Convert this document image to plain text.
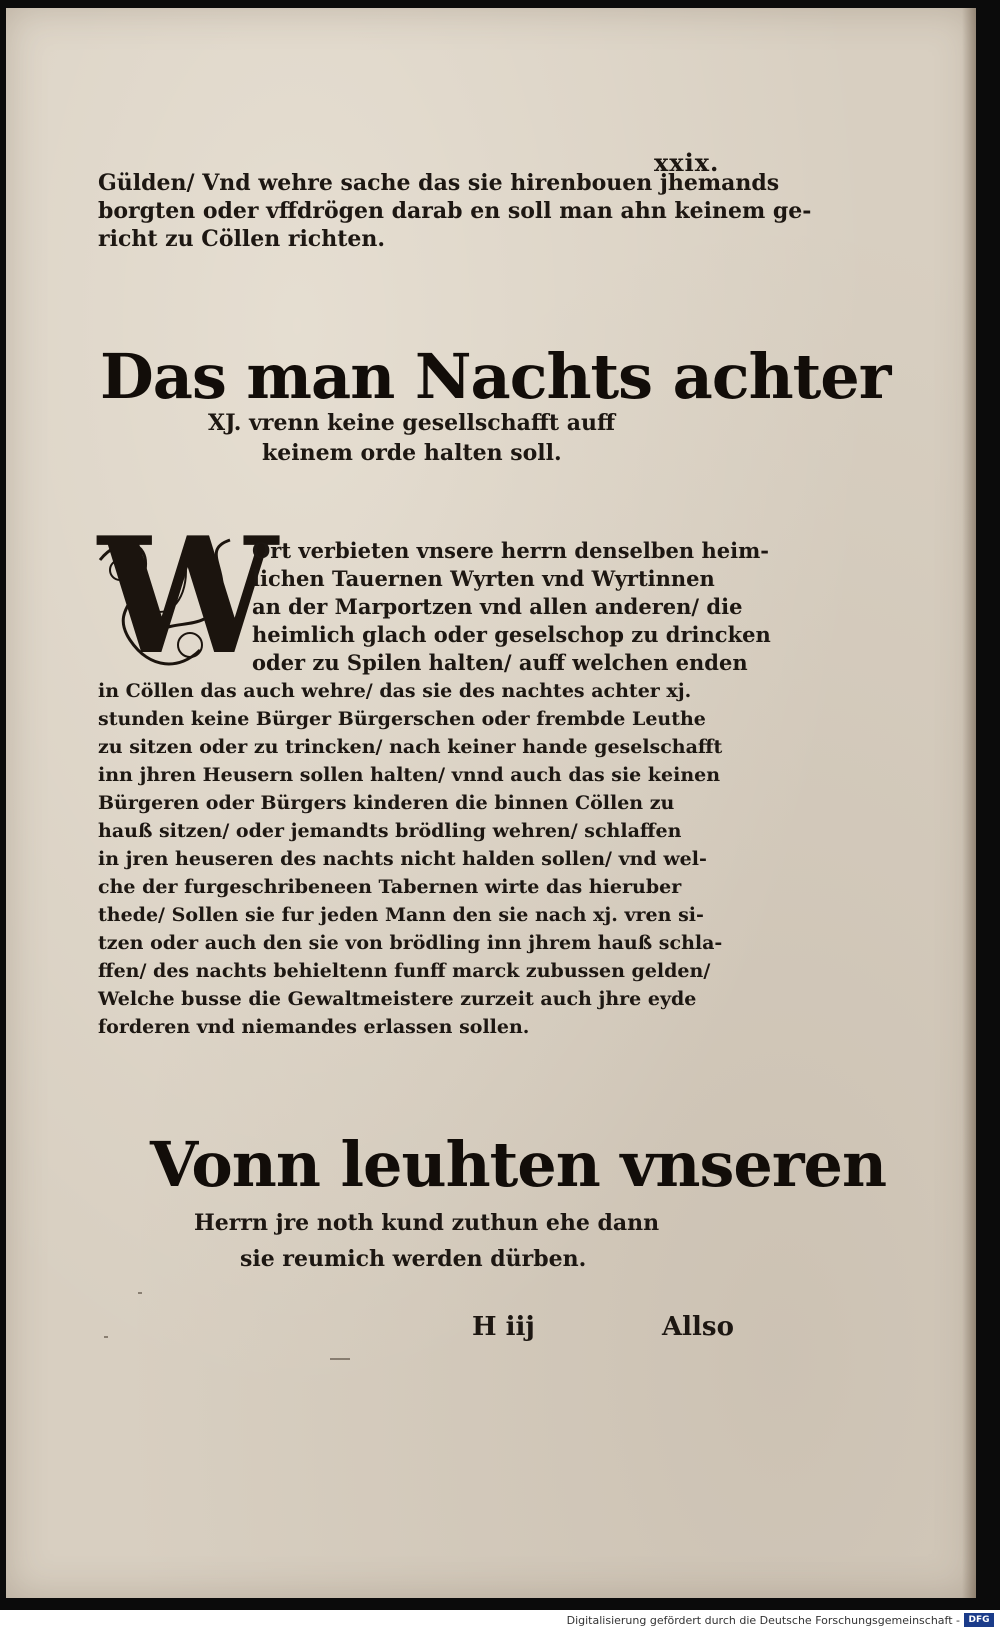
xxix.
Gülden/ Vnd wehre sache das sie hirenbouen jhemands
borgten oder vffdrögen darab en soll man ahn keinem ge-
richt zu Cöllen richten.
Das man Nachts achter
XJ. vrenn keine gesellschafft auff
keinem orde halten soll.
W
Ort verbieten vnsere herrn denselben heim-
lichen Tauernen Wyrten vnd Wyrtinnen
an der Marportzen vnd allen anderen/ die
heimlich glach oder geselschop zu drincken
oder zu Spilen halten/ auff welchen enden
in Cöllen das auch wehre/ das sie des nachtes achter xj.
stunden keine Bürger Bürgerschen oder frembde Leuthe
zu sitzen oder zu trincken/ nach keiner hande geselschafft
inn jhren Heusern sollen halten/ vnnd auch das sie keinen
Bürgeren oder Bürgers kinderen die binnen Cöllen zu
hauß sitzen/ oder jemandts brödling wehren/ schlaffen
in jren heuseren des nachts nicht halden sollen/ vnd wel-
che der furgeschribeneen Tabernen wirte das hieruber
thede/ Sollen sie fur jeden Mann den sie nach xj. vren si-
tzen oder auch den sie von brödling inn jhrem hauß schla-
ffen/ des nachts behieltenn funff marck zubussen gelden/
Welche busse die Gewaltmeistere zurzeit auch jhre eyde
forderen vnd niemandes erlassen sollen.
Vonn leuhten vnseren
Herrn jre noth kund zuthun ehe dann
sie reumich werden dürben.
H iij	Allso
Digitalisierung gefördert durch die Deutsche Forschungsgemeinschaft - DFG
